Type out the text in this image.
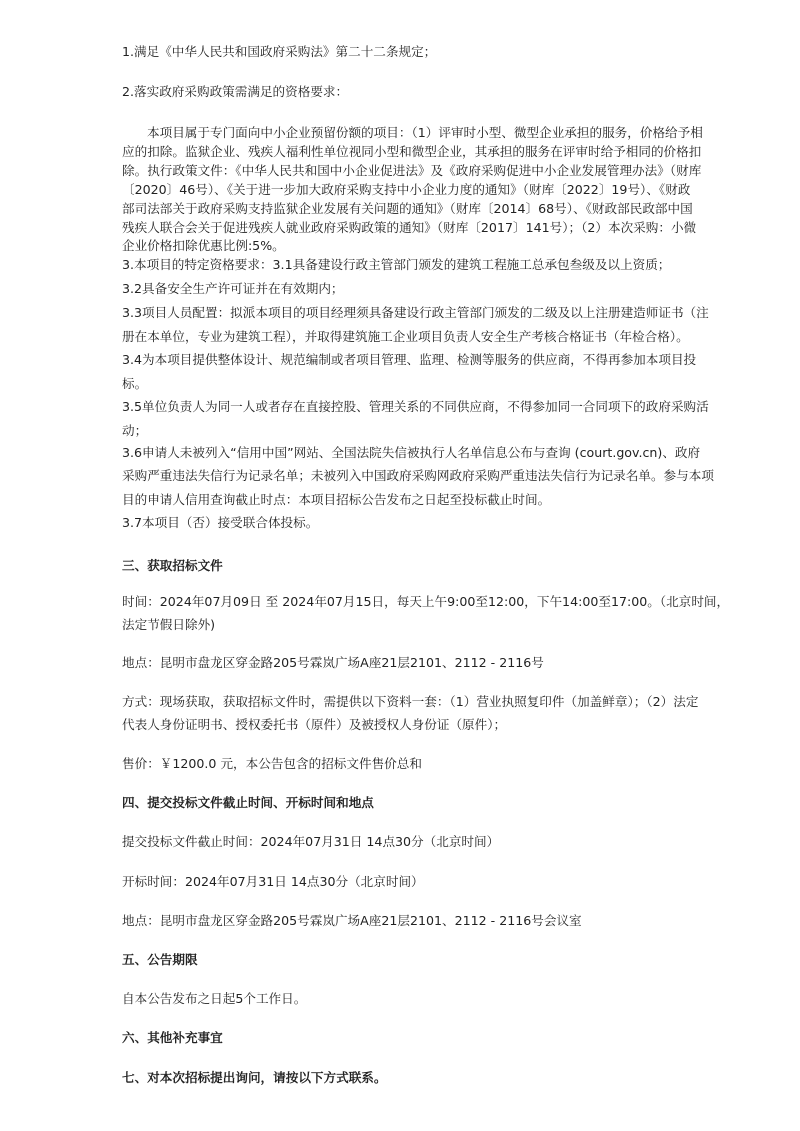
1.满足《中华人民共和国政府采购法》第二十二条规定；
2.落实政府采购政策需满足的资格要求：
本项目属于专门面向中小企业预留份额的项目：（1）评审时小型、微型企业承担的服务，价格给予相
应的扣除。监狱企业、残疾人福利性单位视同小型和微型企业，其承担的服务在评审时给予相同的价格扣
除。执行政策文件：《中华人民共和国中小企业促进法》及《政府采购促进中小企业发展管理办法》（财库
〔2020〕46号）、《关于进一步加大政府采购支持中小企业力度的通知》（财库〔2022〕19号）、《财政
部司法部关于政府采购支持监狱企业发展有关问题的通知》（财库〔2014〕68号）、《财政部民政部中国
残疾人联合会关于促进残疾人就业政府采购政策的通知》（财库〔2017〕141号）；（2）本次采购：小微
企业价格扣除优惠比例:5%。
3.本项目的特定资格要求：3.1具备建设行政主管部门颁发的建筑工程施工总承包叁级及以上资质；
3.2具备安全生产许可证并在有效期内；
3.3项目人员配置：拟派本项目的项目经理须具备建设行政主管部门颁发的二级及以上注册建造师证书（注
册在本单位，专业为建筑工程），并取得建筑施工企业项目负责人安全生产考核合格证书（年检合格）。
3.4为本项目提供整体设计、规范编制或者项目管理、监理、检测等服务的供应商，不得再参加本项目投
标。
3.5单位负责人为同一人或者存在直接控股、管理关系的不同供应商，不得参加同一合同项下的政府采购活
动；
3.6申请人未被列入“信用中国”网站、全国法院失信被执行人名单信息公布与查询 (court.gov.cn)、政府
采购严重违法失信行为记录名单；未被列入中国政府采购网政府采购严重违法失信行为记录名单。参与本项
目的申请人信用查询截止时点：本项目招标公告发布之日起至投标截止时间。
3.7本项目（否）接受联合体投标。
三、获取招标文件
时间：2024年07月09日 至 2024年07月15日，每天上午9:00至12:00，下午14:00至17:00。（北京时间，
法定节假日除外)
地点：昆明市盘龙区穿金路205号霖岚广场A座21层2101、2112 - 2116号
方式：现场获取，获取招标文件时，需提供以下资料一套：（1）营业执照复印件（加盖鲜章）；（2）法定
代表人身份证明书、授权委托书（原件）及被授权人身份证（原件）；
售价：￥1200.0 元，本公告包含的招标文件售价总和
四、提交投标文件截止时间、开标时间和地点
提交投标文件截止时间：2024年07月31日 14点30分（北京时间）
开标时间：2024年07月31日 14点30分（北京时间）
地点：昆明市盘龙区穿金路205号霖岚广场A座21层2101、2112 - 2116号会议室
五、公告期限
自本公告发布之日起5个工作日。
六、其他补充事宜
七、对本次招标提出询问，请按以下方式联系。
